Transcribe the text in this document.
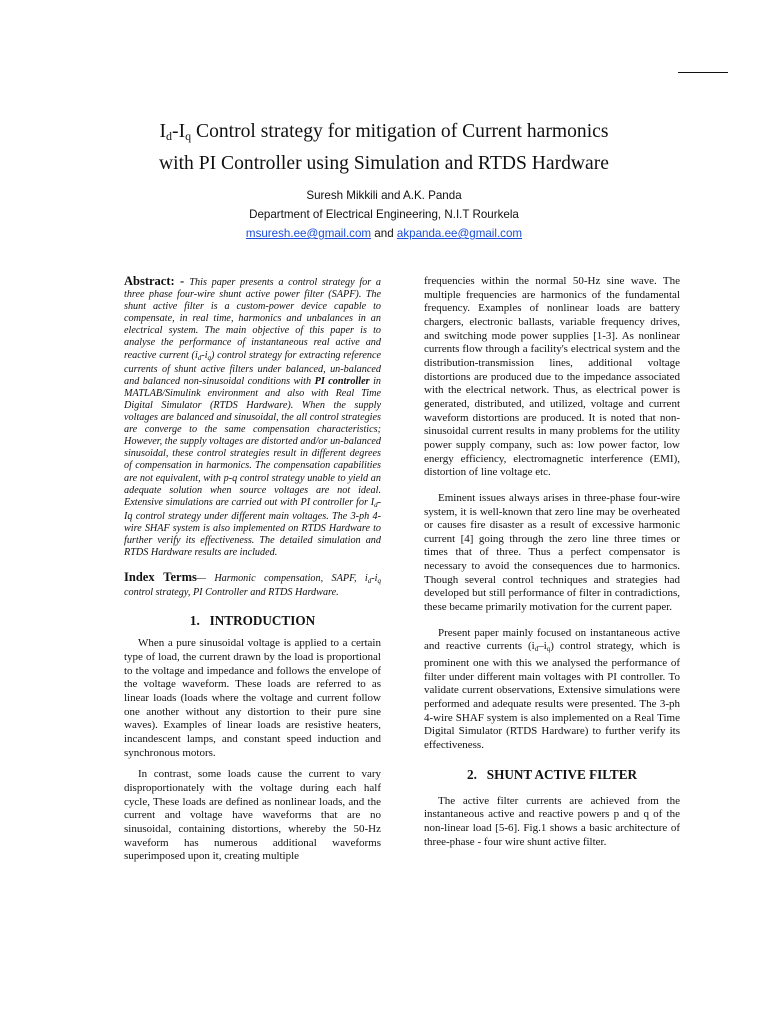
$I_d-I_q$ Control strategy for mitigation of Current harmonics
with PI Controller using Simulation and RTDS Hardware
Suresh Mikkili and A.K. Panda
Department of Electrical Engineering, N.I.T Rourkela
msuresh.ee@gmail.com and akpanda.ee@gmail.com

Abstract: - This paper presents a control strategy for a three phase four-wire shunt active power filter (SAPF). The shunt active filter is a custom-power device capable to compensate, in real time, harmonics and unbalances in an electrical system. The main objective of this paper is to analyse the performance of instantaneous real active and reactive current $(i_d-i_q)$ control strategy for extracting reference currents of shunt active filters under balanced, un-balanced and balanced non-sinusoidal conditions with PI controller in MATLAB/Simulink environment and also with Real Time Digital Simulator (RTDS Hardware). When the supply voltages are balanced and sinusoidal, the all control strategies are converge to the same compensation characteristics; However, the supply voltages are distorted and/or un-balanced sinusoidal, these control strategies result in different degrees of compensation in harmonics. The compensation capabilities are not equivalent, with p-q control strategy unable to yield an adequate solution when source voltages are not ideal. Extensive simulations are carried out with PI controller for $I_d-Iq$ control strategy under different main voltages. The 3-ph 4-wire SHAF system is also implemented on RTDS Hardware to further verify its effectiveness. The detailed simulation and RTDS Hardware results are included.

Index Terms— Harmonic compensation, SAPF, $i_d-i_q$ control strategy, PI Controller and RTDS Hardware.

1.   INTRODUCTION

When a pure sinusoidal voltage is applied to a certain type of load, the current drawn by the load is proportional to the voltage and impedance and follows the envelope of the voltage waveform. These loads are referred to as linear loads (loads where the voltage and current follow one another without any distortion to their pure sine waves). Examples of linear loads are resistive heaters, incandescent lamps, and constant speed induction and synchronous motors.

In contrast, some loads cause the current to vary disproportionately with the voltage during each half cycle, These loads are defined as nonlinear loads, and the current and voltage have waveforms that are no sinusoidal, containing distortions, whereby the 50-Hz waveform has numerous additional waveforms superimposed upon it, creating multiple

frequencies within the normal 50-Hz sine wave. The multiple frequencies are harmonics of the fundamental frequency. Examples of nonlinear loads are battery chargers, electronic ballasts, variable frequency drives, and switching mode power supplies [1-3]. As nonlinear currents flow through a facility's electrical system and the distribution-transmission lines, additional voltage distortions are produced due to the impedance associated with the electrical network. Thus, as electrical power is generated, distributed, and utilized, voltage and current waveform distortions are produced. It is noted that non-sinusoidal current results in many problems for the utility power supply company, such as: low power factor, low energy efficiency, electromagnetic interference (EMI), distortion of line voltage etc.

Eminent issues always arises in three-phase four-wire system, it is well-known that zero line may be overheated or causes fire disaster as a result of excessive harmonic current [4] going through the zero line three times or times that of three. Thus a perfect compensator is necessary to avoid the consequences due to harmonics. Though several control techniques and strategies had developed but still performance of filter in contradictions, these became primarily motivation for the current paper.

Present paper mainly focused on instantaneous active and reactive currents $(i_d-i_q)$ control strategy, which is prominent one with this we analysed the performance of filter under different main voltages with PI controller. To validate current observations, Extensive simulations were performed and adequate results were presented. The 3-ph 4-wire SHAF system is also implemented on a Real Time Digital Simulator (RTDS Hardware) to further verify its effectiveness.

2.   SHUNT ACTIVE FILTER

The active filter currents are achieved from the instantaneous active and reactive powers p and q of the non-linear load [5-6]. Fig.1 shows a basic architecture of three-phase - four wire shunt active filter.
